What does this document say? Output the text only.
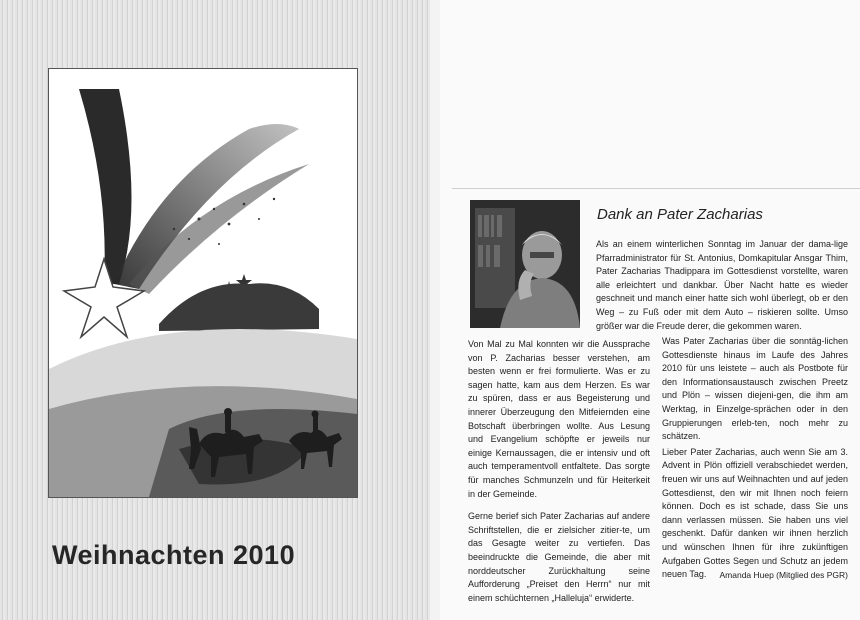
Weihnachten 2010
Dank an Pater Zacharias
Als an einem winterlichen Sonntag im Januar der dama-lige Pfarradministrator für St. Antonius, Domkapitular Ansgar Thim, Pater Zacharias Thadippara im Gottesdienst vorstellte, waren alle erleichtert und dankbar. Über Nacht hatte es wieder geschneit und manch einer hatte sich wohl überlegt, ob er den Weg – zu Fuß oder mit dem Auto – riskieren sollte. Umso größer war die Freude derer, die gekommen waren.

Von Mal zu Mal konnten wir die Aussprache von P. Zacharias besser verstehen, am besten wenn er frei formulierte. Was er zu sagen hatte, kam aus dem Herzen. Es war zu spüren, dass er aus Begeisterung und innerer Überzeugung den Mitfeiernden eine Botschaft überbringen wollte. Aus Lesung und Evangelium schöpfte er jeweils nur einige Kernaussagen, die er intensiv und oft auch temperamentvoll entfaltete. Das sorgte für manches Schmunzeln und für Heiterkeit in der Gemeinde.

Gerne berief sich Pater Zacharias auf andere Schriftstellen, die er zielsicher zitier-te, um das Gesagte weiter zu vertiefen. Das beeindruckte die Gemeinde, die aber mit norddeutscher Zurückhaltung seine Aufforderung „Preiset den Herrn“ nur mit einem schüchternen „Halleluja“ erwiderte.

Was Pater Zacharias über die sonntäg-lichen Gottesdienste hinaus im Laufe des Jahres 2010 für uns leistete – auch als Postbote für den Informationsaustausch zwischen Preetz und Plön – wissen diejeni-gen, die ihm am Werktag, in Einzelge-sprächen oder in den Gruppierungen erleb-ten, noch mehr zu schätzen.

Lieber Pater Zacharias, auch wenn Sie am 3. Advent in Plön offiziell verabschiedet werden, freuen wir uns auf Weihnachten und auf jeden Gottesdienst, den wir mit Ihnen noch feiern können. Doch es ist schade, dass Sie uns dann verlassen müssen. Sie haben uns viel geschenkt. Dafür danken wir ihnen herzlich und wünschen Ihnen für ihre zukünftigen Aufgaben Gottes Segen und Schutz an jedem neuen Tag.	Amanda Huep (Mitglied des PGR)
